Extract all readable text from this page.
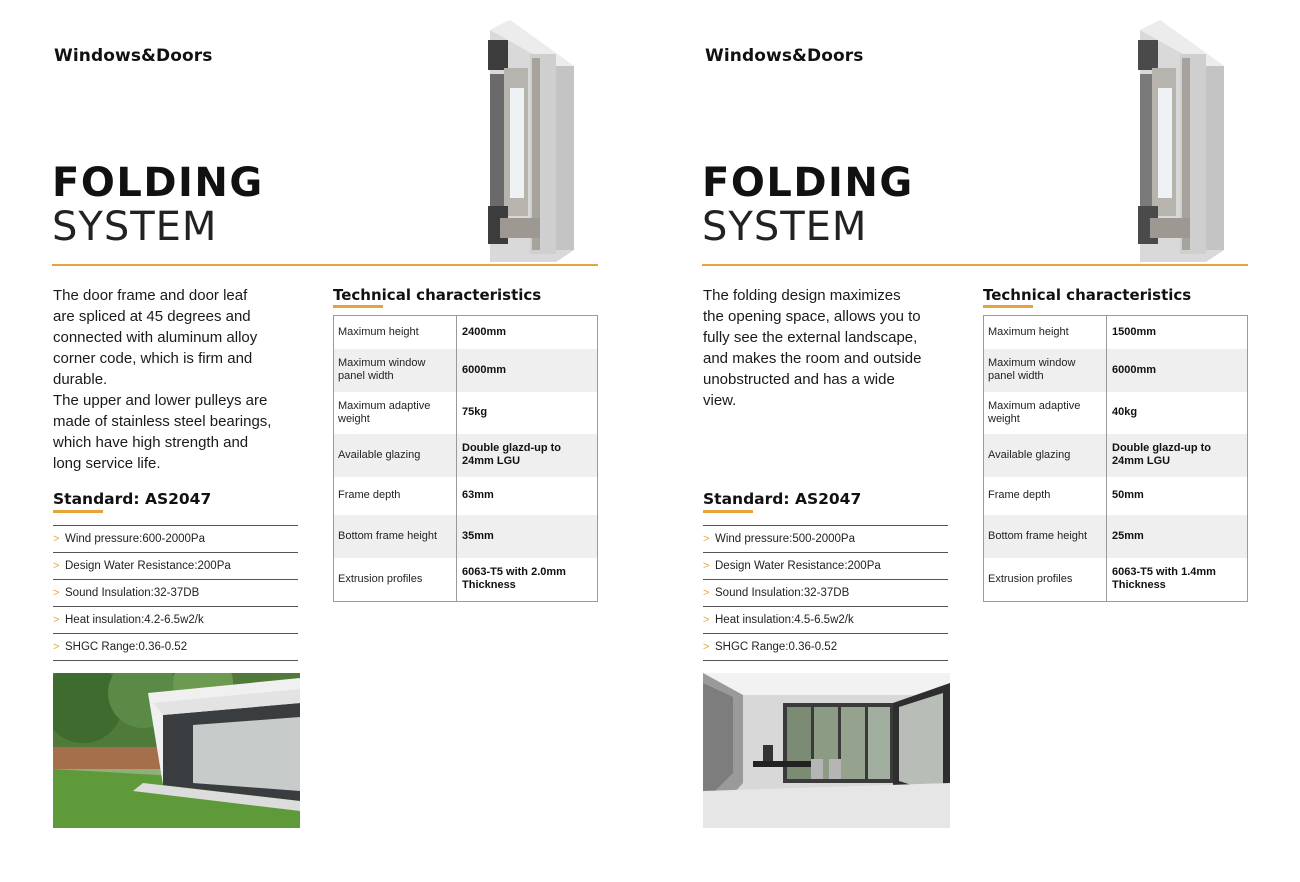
Windows&Doors
FOLDING
SYSTEM
The door frame and door leaf
are spliced at 45 degrees and
connected with aluminum alloy
corner code, which is firm and
durable.
The upper and lower pulleys are
made of stainless steel bearings,
which have high strength and
long service life.
Standard: AS2047
> Wind pressure:600-2000Pa
> Design Water Resistance:200Pa
> Sound Insulation:32-37DB
> Heat insulation:4.2-6.5w2/k
> SHGC Range:0.36-0.52
Technical characteristics
Maximum height	2400mm
Maximum window panel width	6000mm
Maximum adaptive weight	75kg
Available glazing	Double glazd-up to 24mm LGU
Frame depth	63mm
Bottom frame height	35mm
Extrusion profiles	6063-T5 with 2.0mm Thickness
Windows&Doors
FOLDING
SYSTEM
The folding design maximizes
the opening space, allows you to
fully see the external landscape,
and makes the room and outside
unobstructed and has a wide
view.
Standard: AS2047
> Wind pressure:500-2000Pa
> Design Water Resistance:200Pa
> Sound Insulation:32-37DB
> Heat insulation:4.5-6.5w2/k
> SHGC Range:0.36-0.52
Technical characteristics
Maximum height	1500mm
Maximum window panel width	6000mm
Maximum adaptive weight	40kg
Available glazing	Double glazd-up to 24mm LGU
Frame depth	50mm
Bottom frame height	25mm
Extrusion profiles	6063-T5 with 1.4mm Thickness
